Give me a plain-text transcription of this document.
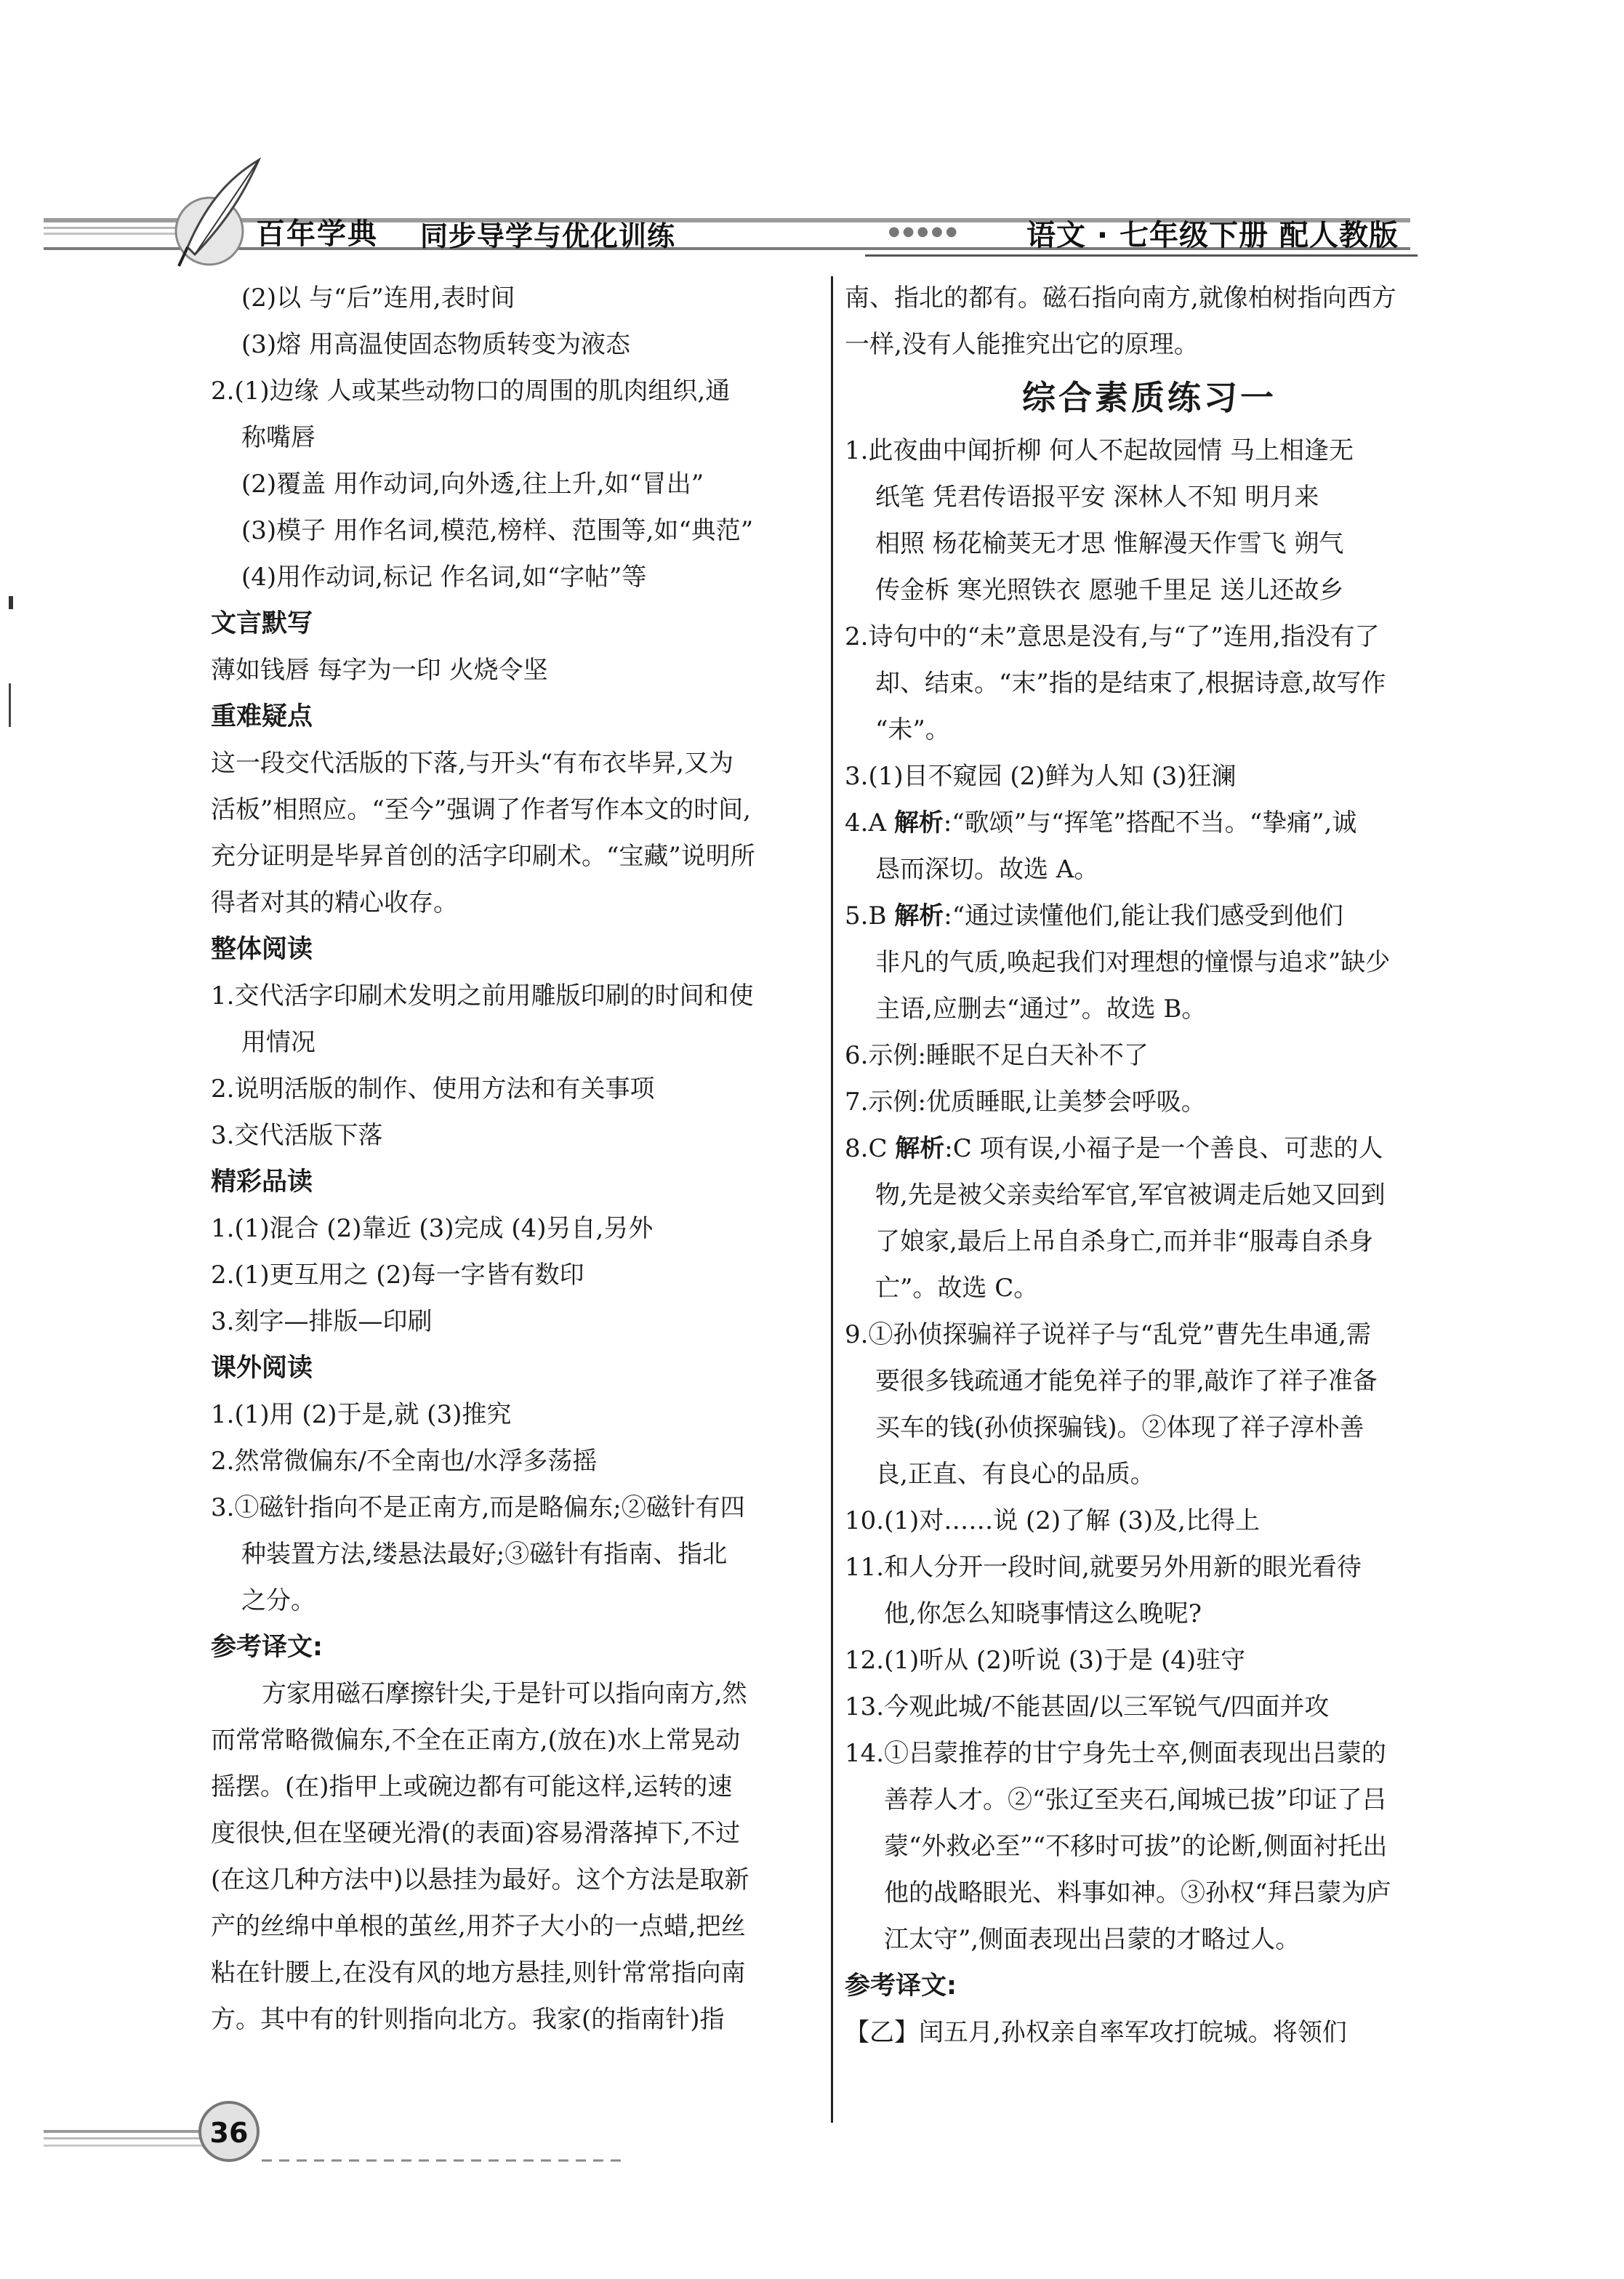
百年学典 同步导学与优化训练	●●●●● 语文 · 七年级下册 配人教版
(2)以 与“后”连用,表时间
(3)熔 用高温使固态物质转变为液态
2.(1)边缘 人或某些动物口的周围的肌肉组织,通
称嘴唇
(2)覆盖 用作动词,向外透,往上升,如“冒出”
(3)模子 用作名词,模范,榜样、范围等,如“典范”
(4)用作动词,标记 作名词,如“字帖”等
文言默写
薄如钱唇 每字为一印 火烧令坚
重难疑点
这一段交代活版的下落,与开头“有布衣毕昇,又为
活板”相照应。“至今”强调了作者写作本文的时间,
充分证明是毕昇首创的活字印刷术。“宝藏”说明所
得者对其的精心收存。
整体阅读
1.交代活字印刷术发明之前用雕版印刷的时间和使
用情况
2.说明活版的制作、使用方法和有关事项
3.交代活版下落
精彩品读
1.(1)混合 (2)靠近 (3)完成 (4)另自,另外
2.(1)更互用之 (2)每一字皆有数印
3.刻字—排版—印刷
课外阅读
1.(1)用 (2)于是,就 (3)推究
2.然常微偏东/不全南也/水浮多荡摇
3.①磁针指向不是正南方,而是略偏东;②磁针有四
种装置方法,缕悬法最好;③磁针有指南、指北
之分。
参考译文:
方家用磁石摩擦针尖,于是针可以指向南方,然
而常常略微偏东,不全在正南方,(放在)水上常晃动
摇摆。(在)指甲上或碗边都有可能这样,运转的速
度很快,但在坚硬光滑(的表面)容易滑落掉下,不过
(在这几种方法中)以悬挂为最好。这个方法是取新
产的丝绵中单根的茧丝,用芥子大小的一点蜡,把丝
粘在针腰上,在没有风的地方悬挂,则针常常指向南
方。其中有的针则指向北方。我家(的指南针)指
南、指北的都有。磁石指向南方,就像柏树指向西方
一样,没有人能推究出它的原理。
综合素质练习一
1.此夜曲中闻折柳 何人不起故园情 马上相逢无
纸笔 凭君传语报平安 深林人不知 明月来
相照 杨花榆荚无才思 惟解漫天作雪飞 朔气
传金柝 寒光照铁衣 愿驰千里足 送儿还故乡
2.诗句中的“未”意思是没有,与“了”连用,指没有了
却、结束。“末”指的是结束了,根据诗意,故写作
“未”。
3.(1)目不窥园 (2)鲜为人知 (3)狂澜
4.A 解析:“歌颂”与“挥笔”搭配不当。“挚痛”,诚
恳而深切。故选 A。
5.B 解析:“通过读懂他们,能让我们感受到他们
非凡的气质,唤起我们对理想的憧憬与追求”缺少
主语,应删去“通过”。故选 B。
6.示例:睡眠不足白天补不了
7.示例:优质睡眠,让美梦会呼吸。
8.C 解析:C 项有误,小福子是一个善良、可悲的人
物,先是被父亲卖给军官,军官被调走后她又回到
了娘家,最后上吊自杀身亡,而并非“服毒自杀身
亡”。故选 C。
9.①孙侦探骗祥子说祥子与“乱党”曹先生串通,需
要很多钱疏通才能免祥子的罪,敲诈了祥子准备
买车的钱(孙侦探骗钱)。②体现了祥子淳朴善
良,正直、有良心的品质。
10.(1)对……说 (2)了解 (3)及,比得上
11.和人分开一段时间,就要另外用新的眼光看待
他,你怎么知晓事情这么晚呢?
12.(1)听从 (2)听说 (3)于是 (4)驻守
13.今观此城/不能甚固/以三军锐气/四面并攻
14.①吕蒙推荐的甘宁身先士卒,侧面表现出吕蒙的
善荐人才。②“张辽至夹石,闻城已拔”印证了吕
蒙“外救必至”“不移时可拔”的论断,侧面衬托出
他的战略眼光、料事如神。③孙权“拜吕蒙为庐
江太守”,侧面表现出吕蒙的才略过人。
参考译文:
【乙】闰五月,孙权亲自率军攻打皖城。将领们
36
